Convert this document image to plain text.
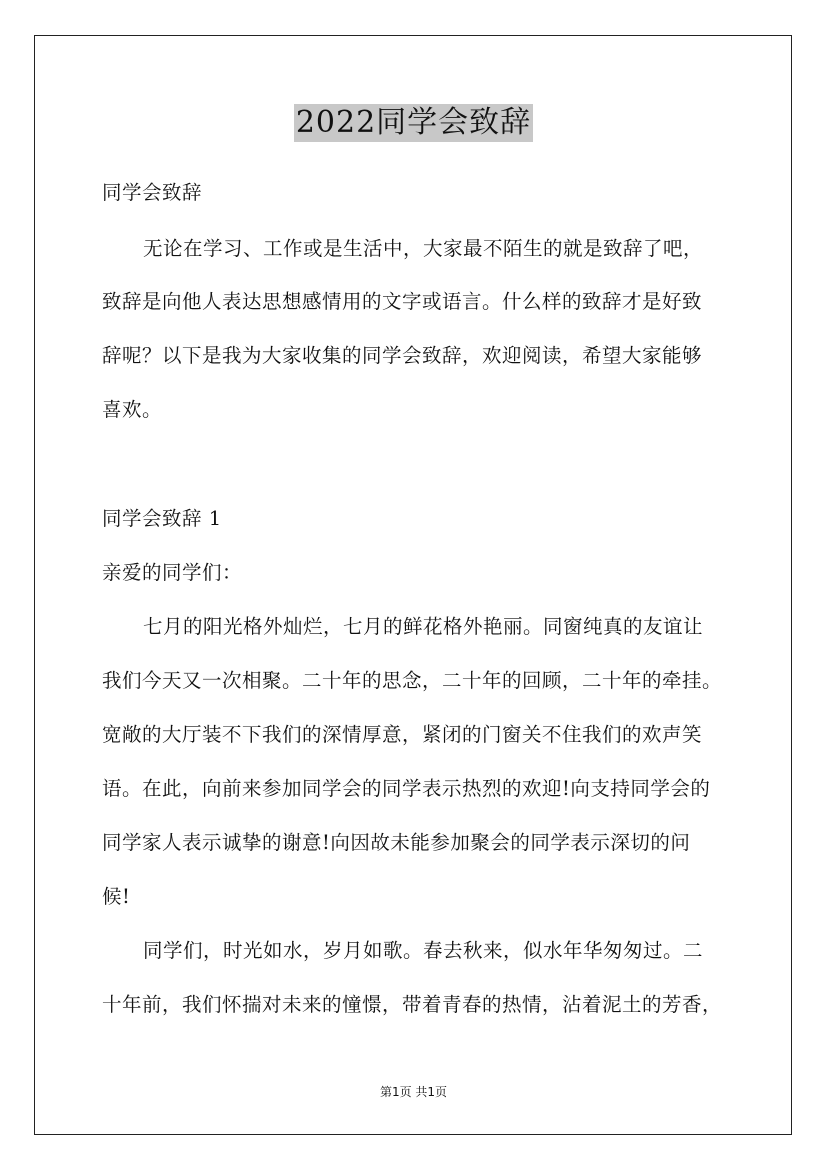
2022同学会致辞
同学会致辞
无论在学习、工作或是生活中，大家最不陌生的就是致辞了吧，
致辞是向他人表达思想感情用的文字或语言。什么样的致辞才是好致
辞呢？以下是我为大家收集的同学会致辞，欢迎阅读，希望大家能够
喜欢。
同学会致辞 1
亲爱的同学们：
七月的阳光格外灿烂，七月的鲜花格外艳丽。同窗纯真的友谊让
我们今天又一次相聚。二十年的思念，二十年的回顾，二十年的牵挂。
宽敞的大厅装不下我们的深情厚意，紧闭的门窗关不住我们的欢声笑
语。在此，向前来参加同学会的同学表示热烈的欢迎!向支持同学会的
同学家人表示诚挚的谢意!向因故未能参加聚会的同学表示深切的问
候!
同学们，时光如水，岁月如歌。春去秋来，似水年华匆匆过。二
十年前，我们怀揣对未来的憧憬，带着青春的热情，沾着泥土的芳香，
第1页 共1页
